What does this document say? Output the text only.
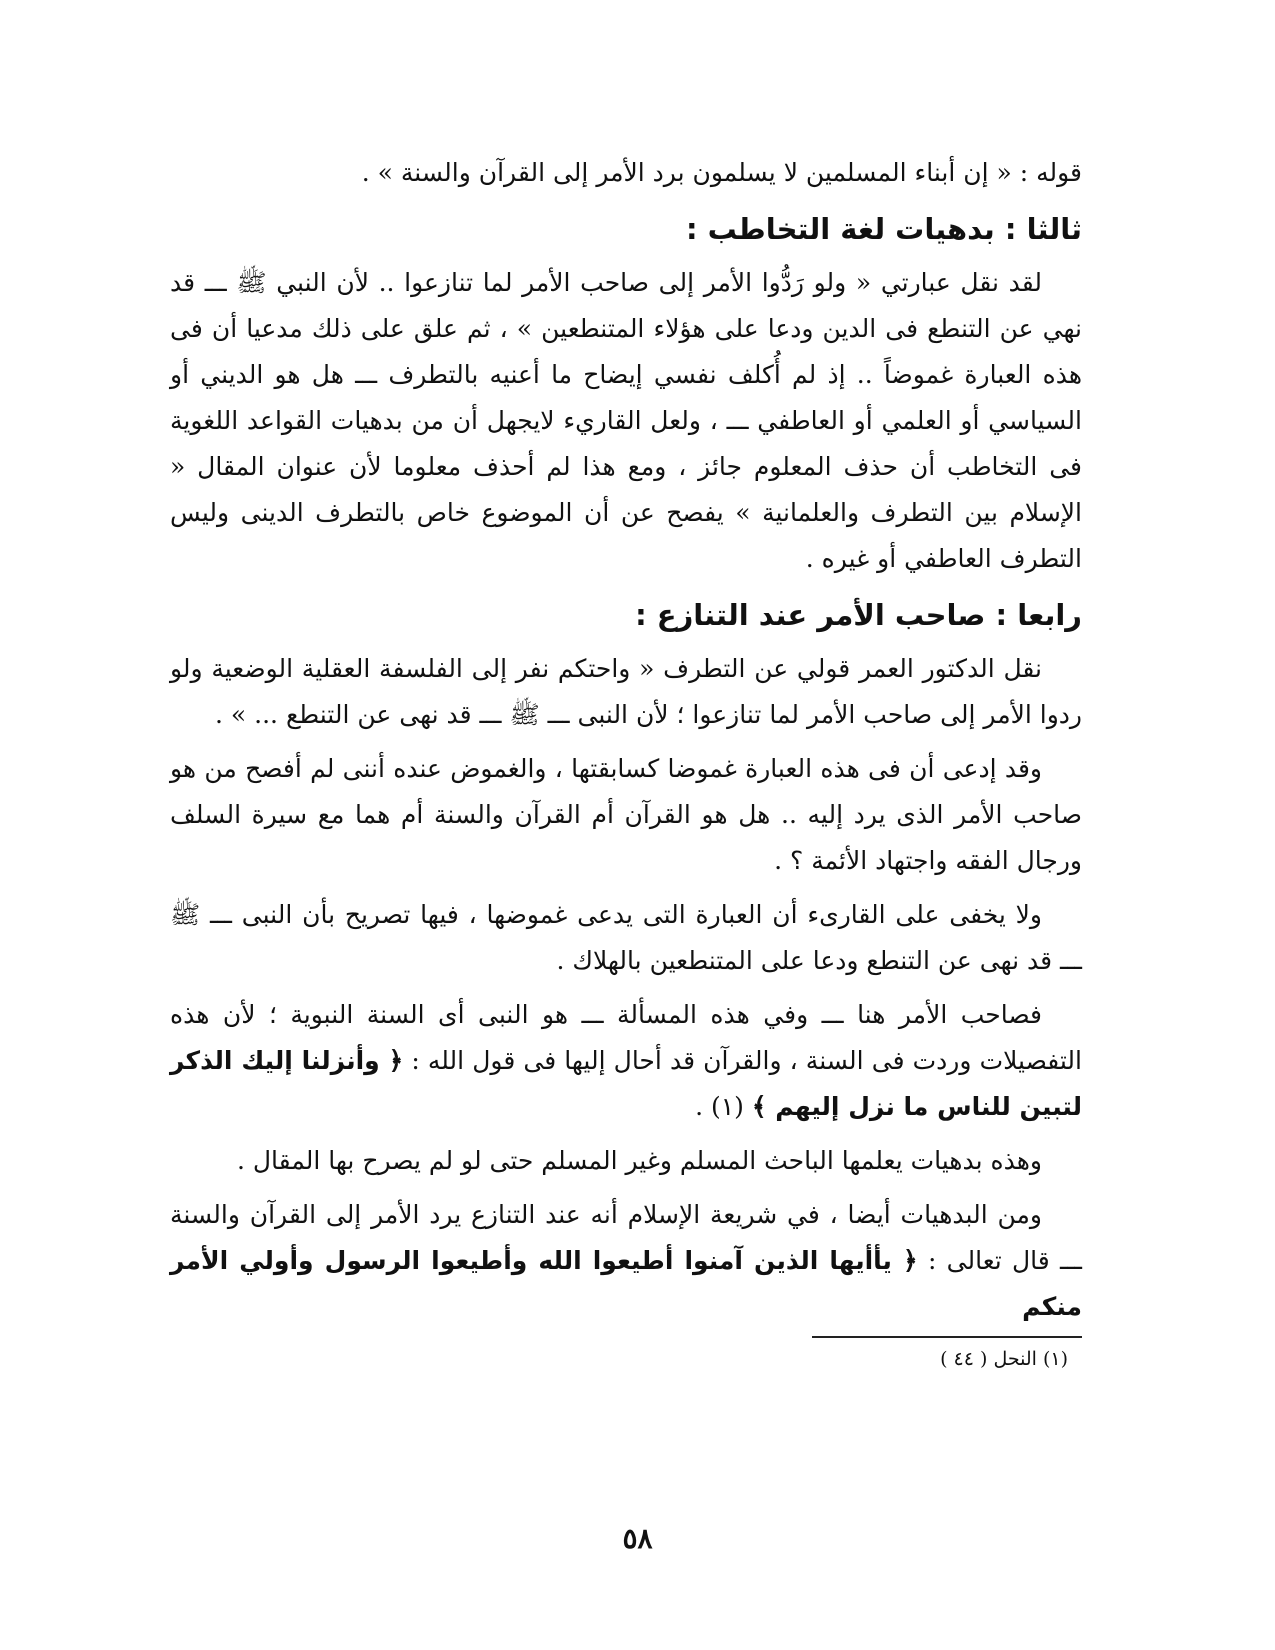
قوله : « إن أبناء المسلمين لا يسلمون برد الأمر إلى القرآن والسنة » .

ثالثا : بدهيات لغة التخاطب :

لقد نقل عبارتي « ولو رَدُّوا الأمر إلى صاحب الأمر لما تنازعوا .. لأن النبي ﷺ ـــ قد نهي عن التنطع فى الدين ودعا على هؤلاء المتنطعين » ، ثم علق على ذلك مدعيا أن فى هذه العبارة غموضاً .. إذ لم أُكلف نفسي إيضاح ما أعنيه بالتطرف ـــ هل هو الديني أو السياسي أو العلمي أو العاطفي ـــ ، ولعل القاريء لايجهل أن من بدهيات القواعد اللغوية فى التخاطب أن حذف المعلوم جائز ، ومع هذا لم أحذف معلوما لأن عنوان المقال « الإسلام بين التطرف والعلمانية » يفصح عن أن الموضوع خاص بالتطرف الدينى وليس التطرف العاطفي أو غيره .

رابعا : صاحب الأمر عند التنازع :

نقل الدكتور العمر قولي عن التطرف « واحتكم نفر إلى الفلسفة العقلية الوضعية ولو ردوا الأمر إلى صاحب الأمر لما تنازعوا ؛ لأن النبى ـــ ﷺ ـــ قد نهى عن التنطع ... » .

وقد إدعى أن فى هذه العبارة غموضا كسابقتها ، والغموض عنده أننى لم أفصح من هو صاحب الأمر الذى يرد إليه .. هل هو القرآن أم القرآن والسنة أم هما مع سيرة السلف ورجال الفقه واجتهاد الأئمة ؟ .

ولا يخفى على القارىء أن العبارة التى يدعى غموضها ، فيها تصريح بأن النبى ـــ ﷺ ـــ قد نهى عن التنطع ودعا على المتنطعين بالهلاك .

فصاحب الأمر هنا ـــ وفي هذه المسألة ـــ هو النبى أى السنة النبوية ؛ لأن هذه التفصيلات وردت فى السنة ، والقرآن قد أحال إليها فى قول الله : ﴿ وأنزلنا إليك الذكر لتبين للناس ما نزل إليهم ﴾ (١) .

وهذه بدهيات يعلمها الباحث المسلم وغير المسلم حتى لو لم يصرح بها المقال .

ومن البدهيات أيضا ، في شريعة الإسلام أنه عند التنازع يرد الأمر إلى القرآن والسنة ـــ قال تعالى : ﴿ يأأيها الذين آمنوا أطيعوا الله وأطيعوا الرسول وأولي الأمر منكم

(١) النحل ( ٤٤ )

٥٨
